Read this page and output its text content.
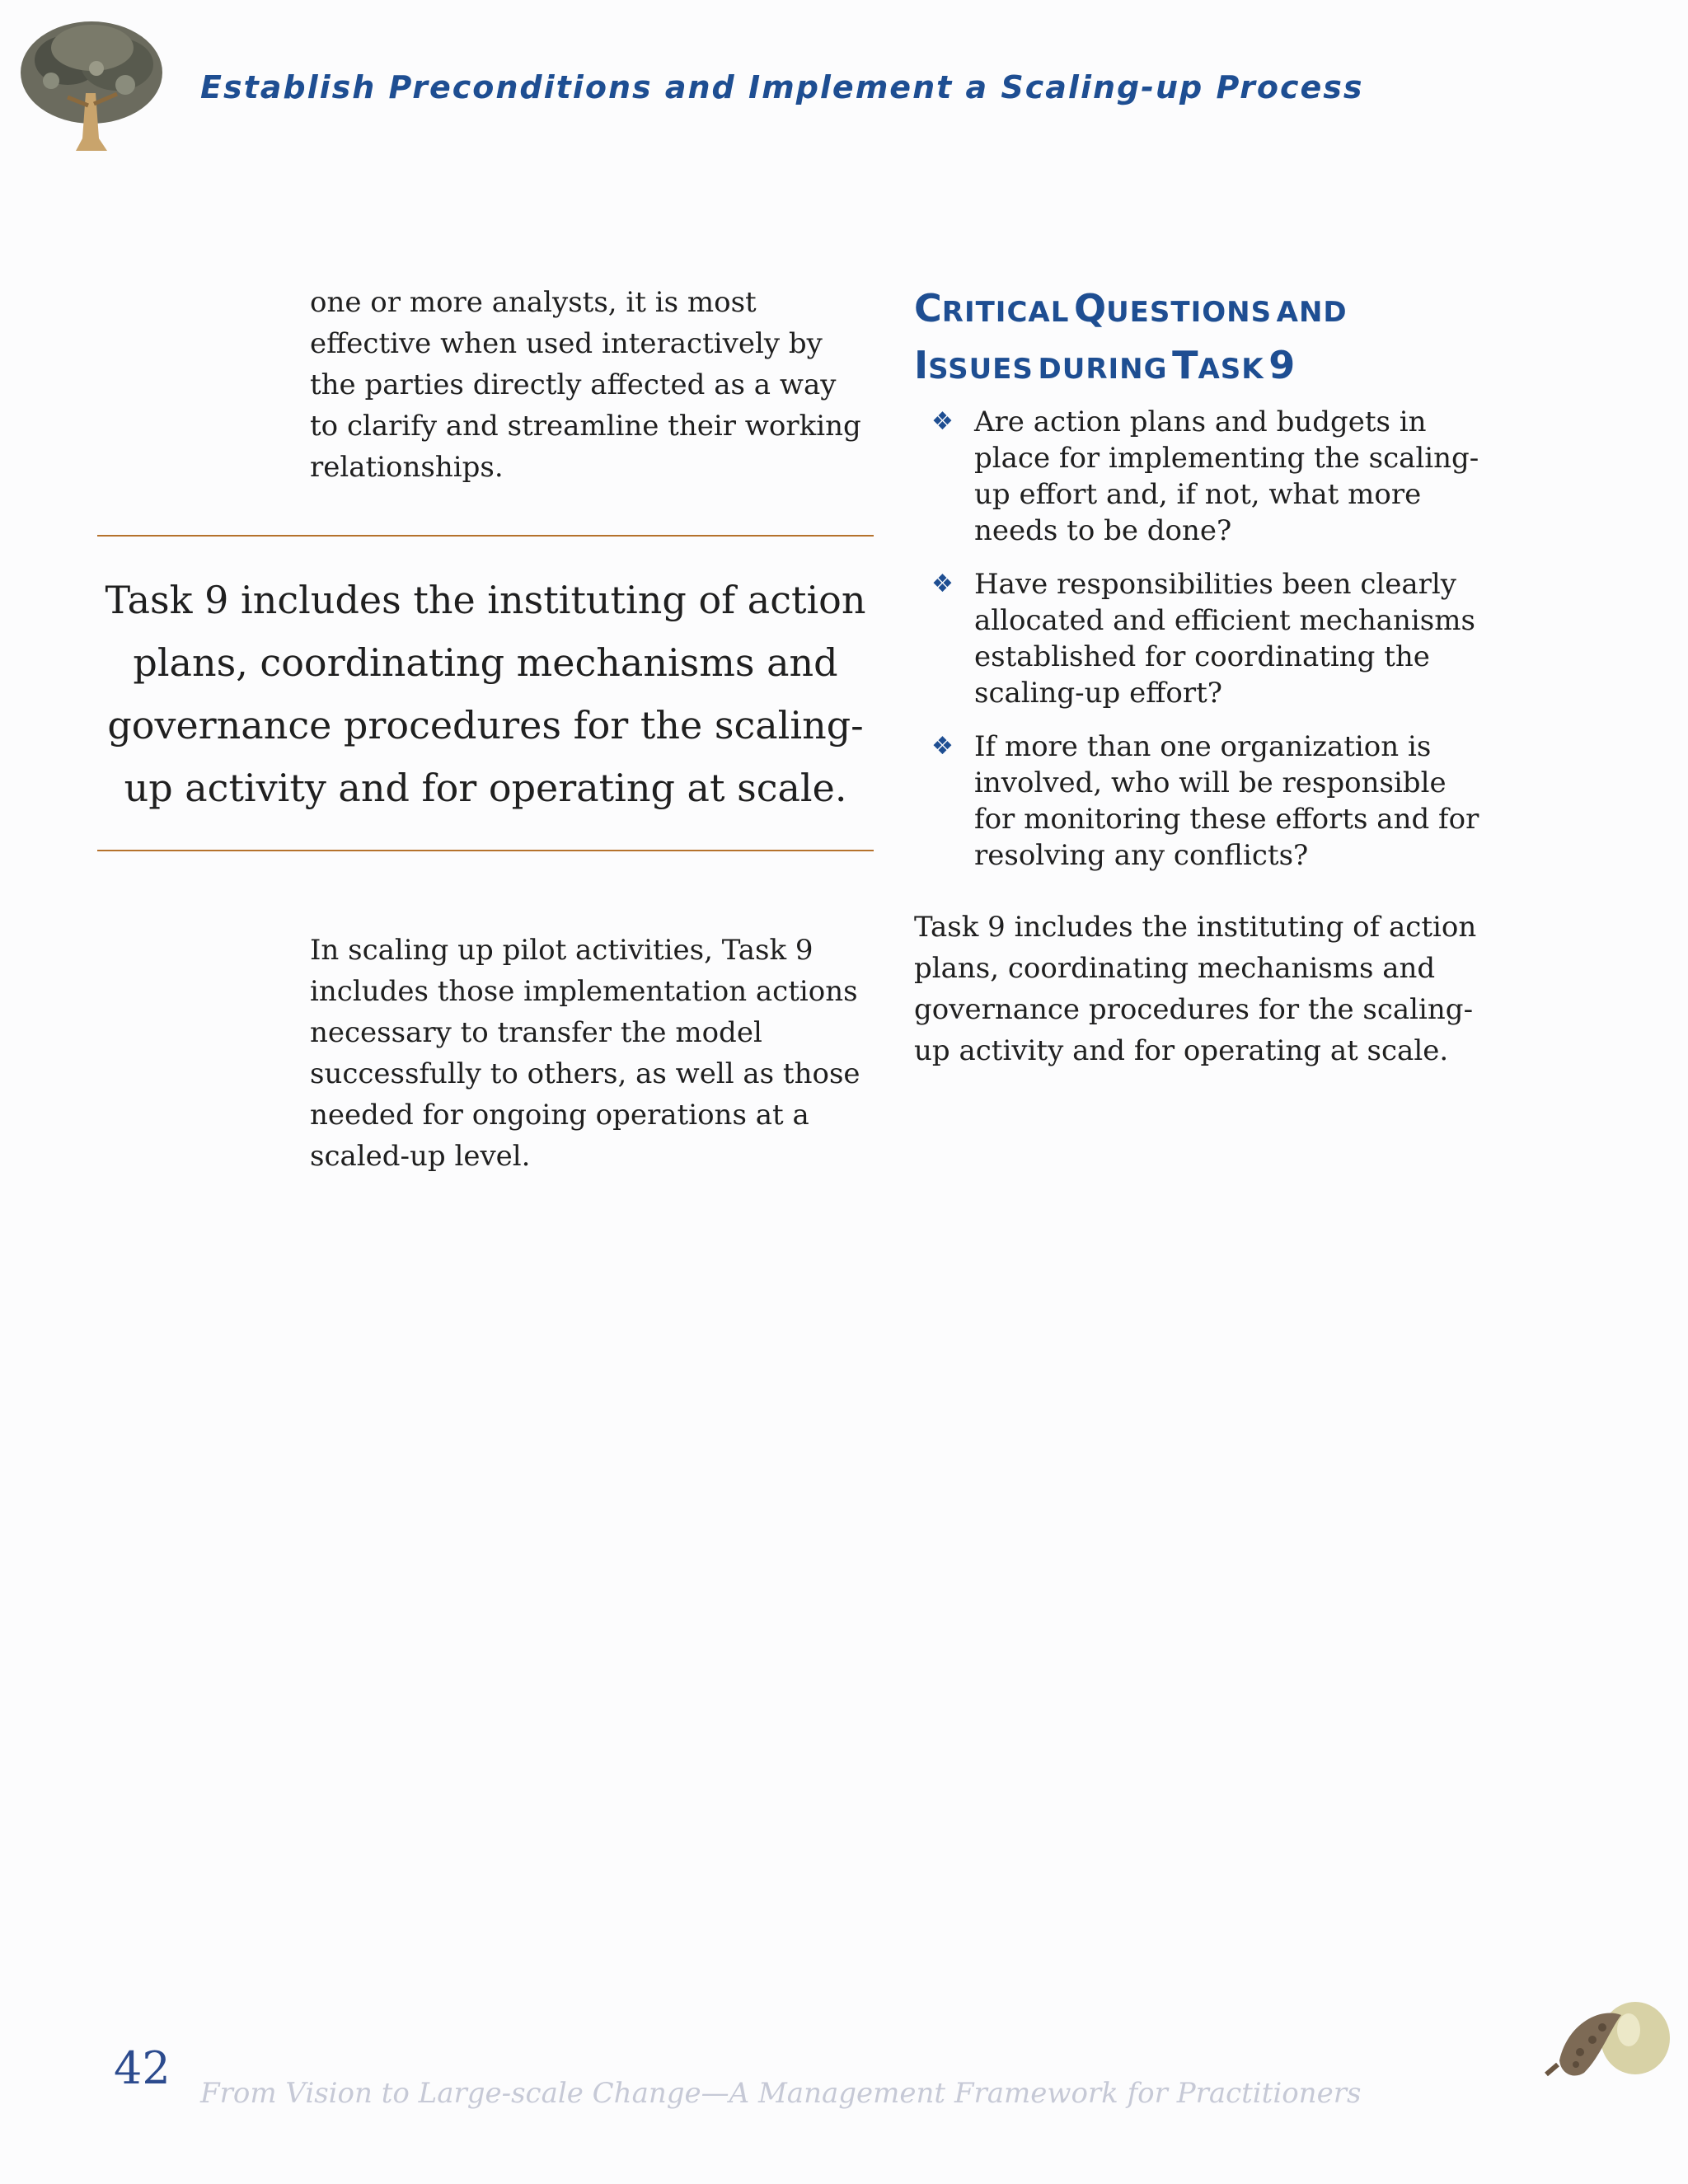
Establish Preconditions and Implement a Scaling-up Process
one or more analysts, it is most effective when used interactively by the parties directly affected as a way to clarify and streamline their working relationships.
Task 9 includes the instituting of action plans, coordinating mechanisms and governance procedures for the scaling-up activity and for operating at scale.
In scaling up pilot activities, Task 9 includes those implementation actions necessary to transfer the model successfully to others, as well as those needed for ongoing operations at a scaled-up level.
CRITICAL QUESTIONS AND
ISSUES DURING TASK 9
❖ Are action plans and budgets in place for implementing the scaling-up effort and, if not, what more needs to be done?
❖ Have responsibilities been clearly allocated and efficient mechanisms established for coordinating the scaling-up effort?
❖ If more than one organization is involved, who will be responsible for monitoring these efforts and for resolving any conflicts?
Task 9 includes the instituting of action plans, coordinating mechanisms and governance procedures for the scaling-up activity and for operating at scale.
42 From Vision to Large-scale Change—A Management Framework for Practitioners
